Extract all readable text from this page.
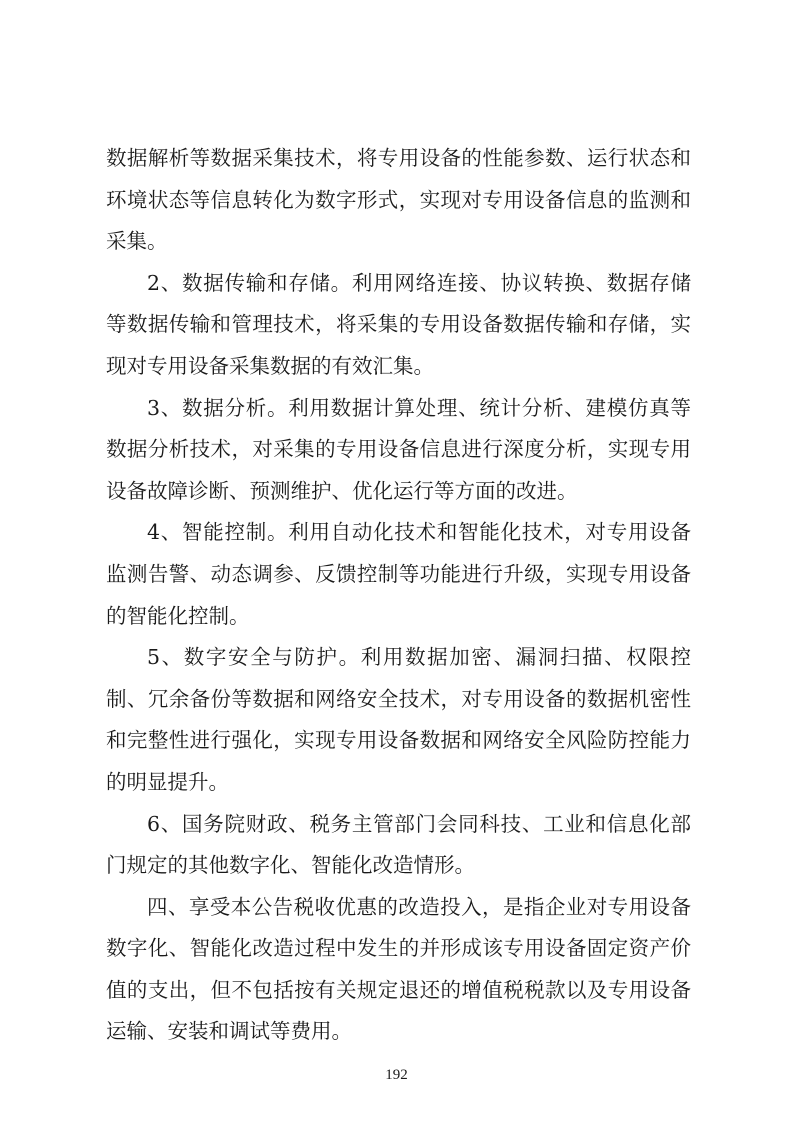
数据解析等数据采集技术，将专用设备的性能参数、运行状态和环境状态等信息转化为数字形式，实现对专用设备信息的监测和采集。

2、数据传输和存储。利用网络连接、协议转换、数据存储等数据传输和管理技术，将采集的专用设备数据传输和存储，实现对专用设备采集数据的有效汇集。

3、数据分析。利用数据计算处理、统计分析、建模仿真等数据分析技术，对采集的专用设备信息进行深度分析，实现专用设备故障诊断、预测维护、优化运行等方面的改进。

4、智能控制。利用自动化技术和智能化技术，对专用设备监测告警、动态调参、反馈控制等功能进行升级，实现专用设备的智能化控制。

5、数字安全与防护。利用数据加密、漏洞扫描、权限控制、冗余备份等数据和网络安全技术，对专用设备的数据机密性和完整性进行强化，实现专用设备数据和网络安全风险防控能力的明显提升。

6、国务院财政、税务主管部门会同科技、工业和信息化部门规定的其他数字化、智能化改造情形。

四、享受本公告税收优惠的改造投入，是指企业对专用设备数字化、智能化改造过程中发生的并形成该专用设备固定资产价值的支出，但不包括按有关规定退还的增值税税款以及专用设备运输、安装和调试等费用。

192
